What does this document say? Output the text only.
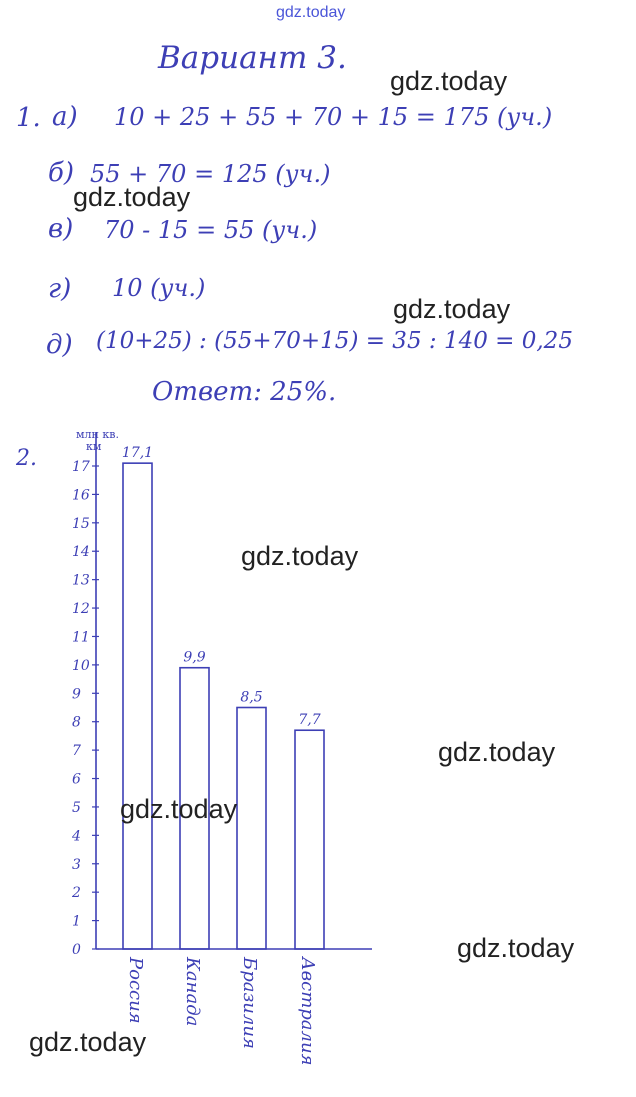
gdz.today
Вариант 3.
1. а) 10 + 25 + 55 + 70 + 15 = 175 (уч.)
б) 55 + 70 = 125 (уч.)
в) 70 - 15 = 55 (уч.)
г) 10 (уч.)
д) (10+25) : (55+70+15) = 35 : 140 = 0,25
Ответ: 25%.
2.
млн кв.
км
0
1
2
3
4
5
6
7
8
9
10
11
12
13
14
15
16
17
17,1
Россия
9,9
Канада
8,5
Бразилия
7,7
Австралия
gdz.today
gdz.today
gdz.today
gdz.today
gdz.today
gdz.today
gdz.today
gdz.today
